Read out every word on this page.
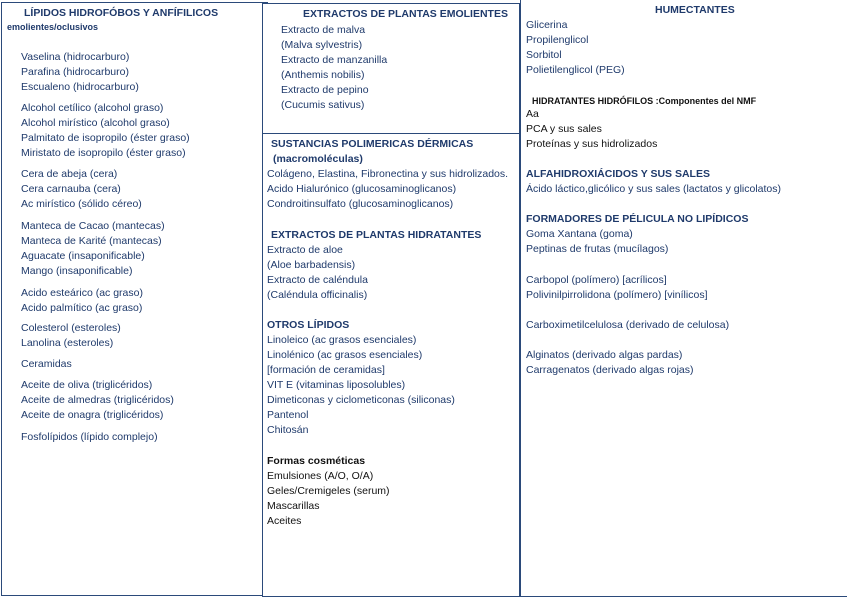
LÍPIDOS HIDROFÓBOS Y ANFÍFILICOS
emolientes/oclusivos
Vaselina (hidrocarburo)
Parafina (hidrocarburo)
Escualeno (hidrocarburo)
Alcohol cetílico (alcohol graso)
Alcohol mirístico (alcohol graso)
Palmitato de isopropilo (éster graso)
Miristato de isopropilo (éster graso)
Cera de abeja (cera)
Cera carnauba (cera)
Ac mirístico (sólido céreo)
Manteca de Cacao (mantecas)
Manteca de Karité (mantecas)
Aguacate (insaponificable)
Mango (insaponificable)
Acido esteárico (ac graso)
Acido palmítico (ac graso)
Colesterol (esteroles)
Lanolina (esteroles)
Ceramidas
Aceite de oliva (triglicéridos)
Aceite de almedras (triglicéridos)
Aceite de onagra (triglicéridos)
Fosfolípidos (lípido complejo)
EXTRACTOS DE PLANTAS EMOLIENTES
Extracto de malva
(Malva sylvestris)
Extracto de manzanilla
(Anthemis nobilis)
Extracto de pepino
(Cucumis sativus)
SUSTANCIAS POLIMERICAS DÉRMICAS
(macromoléculas)
Colágeno, Elastina, Fibronectina y sus hidrolizados.
Acido Hialurónico (glucosaminoglicanos)
Condroitinsulfato (glucosaminoglicanos)
EXTRACTOS DE PLANTAS HIDRATANTES
Extracto de aloe
(Aloe barbadensis)
Extracto de caléndula
(Caléndula officinalis)
OTROS LÍPIDOS
Linoleico (ac grasos esenciales)
Linolénico (ac grasos esenciales)
[formación de ceramidas]
VIT E (vitaminas liposolubles)
Dimeticonas y ciclometiconas (siliconas)
Pantenol
Chitosán
Formas cosméticas
Emulsiones (A/O, O/A)
Geles/Cremigeles (serum)
Mascarillas
Aceites
HUMECTANTES
Glicerina
Propilenglicol
Sorbitol
Polietilenglicol (PEG)
HIDRATANTES HIDRÓFILOS :Componentes del NMF
Aa
PCA y sus sales
Proteínas y sus hidrolizados
ALFAHIDROXIÁCIDOS Y SUS SALES
Ácido láctico,glicólico y sus sales (lactatos y glicolatos)
FORMADORES DE PÉLICULA NO LIPÍDICOS
Goma Xantana (goma)
Peptinas de frutas (mucílagos)
Carbopol (polímero) [acrílicos]
Polivinilpirrolidona (polímero) [vinílicos]
Carboximetilcelulosa (derivado de celulosa)
Alginatos (derivado algas pardas)
Carragenatos (derivado algas rojas)
